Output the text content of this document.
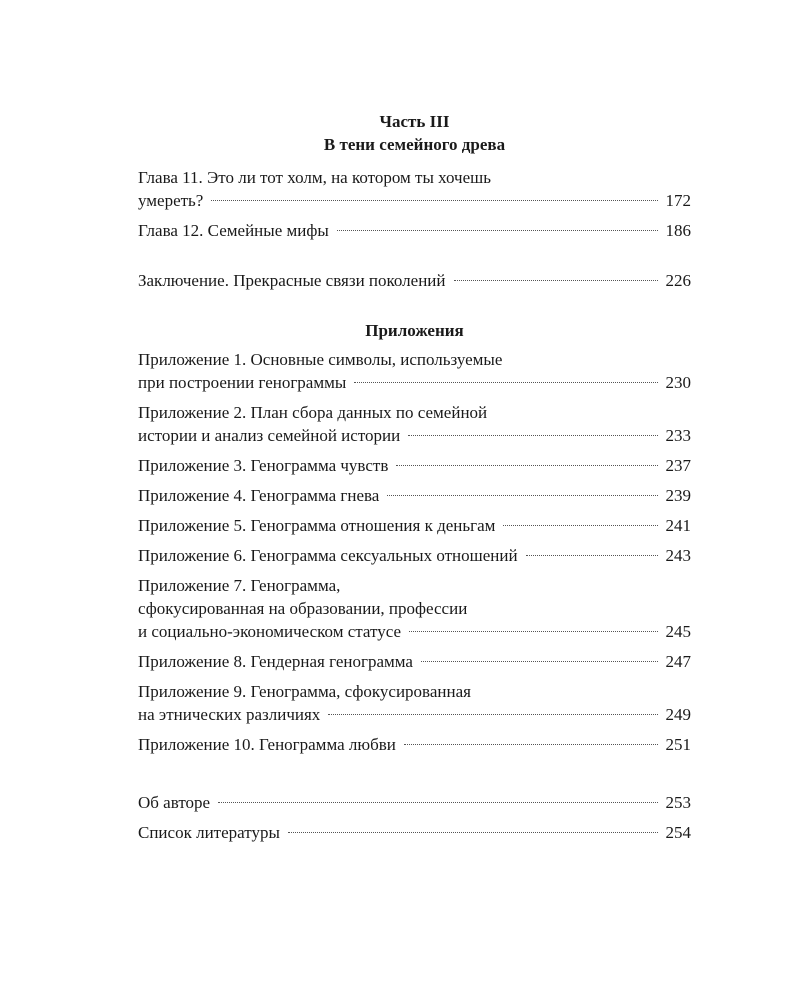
Часть III
В тени семейного древа
Глава 11. Это ли тот холм, на котором ты хочешь
умереть?	172
Глава 12. Семейные мифы	186
Заключение. Прекрасные связи поколений	226
Приложения
Приложение 1. Основные символы, используемые
при построении генограммы	230
Приложение 2. План сбора данных по семейной
истории и анализ семейной истории	233
Приложение 3. Генограмма чувств	237
Приложение 4. Генограмма гнева	239
Приложение 5. Генограмма отношения к деньгам	241
Приложение 6. Генограмма сексуальных отношений	243
Приложение 7. Генограмма,
сфокусированная на образовании, профессии
и социально-экономическом статусе	245
Приложение 8. Гендерная генограмма	247
Приложение 9. Генограмма, сфокусированная
на этнических различиях	249
Приложение 10. Генограмма любви	251
Об авторе	253
Список литературы	254
